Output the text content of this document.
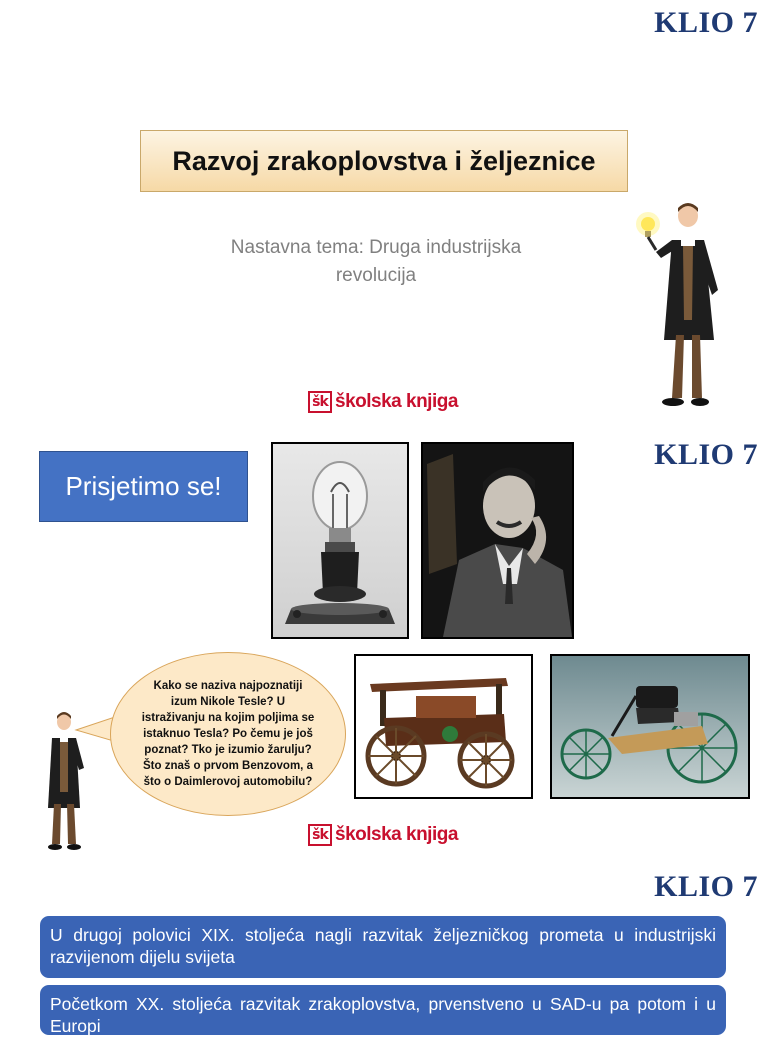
KLIO 7
Razvoj zrakoplovstva i željeznice
Nastavna tema: Druga industrijska revolucija
šk školska knjiga
KLIO 7
Prisjetimo se!
Kako se naziva najpoznatiji izum Nikole Tesle? U istraživanju na kojim poljima se istaknuo Tesla? Po čemu je još poznat? Tko je izumio žarulju? Što znaš o prvom Benzovom, a što o Daimlerovoj automobilu?
šk školska knjiga
KLIO 7
U drugoj polovici XIX. stoljeća nagli razvitak željezničkog prometa u industrijski razvijenom dijelu svijeta
Početkom XX. stoljeća razvitak zrakoplovstva, prvenstveno u SAD-u pa potom i u Europi
